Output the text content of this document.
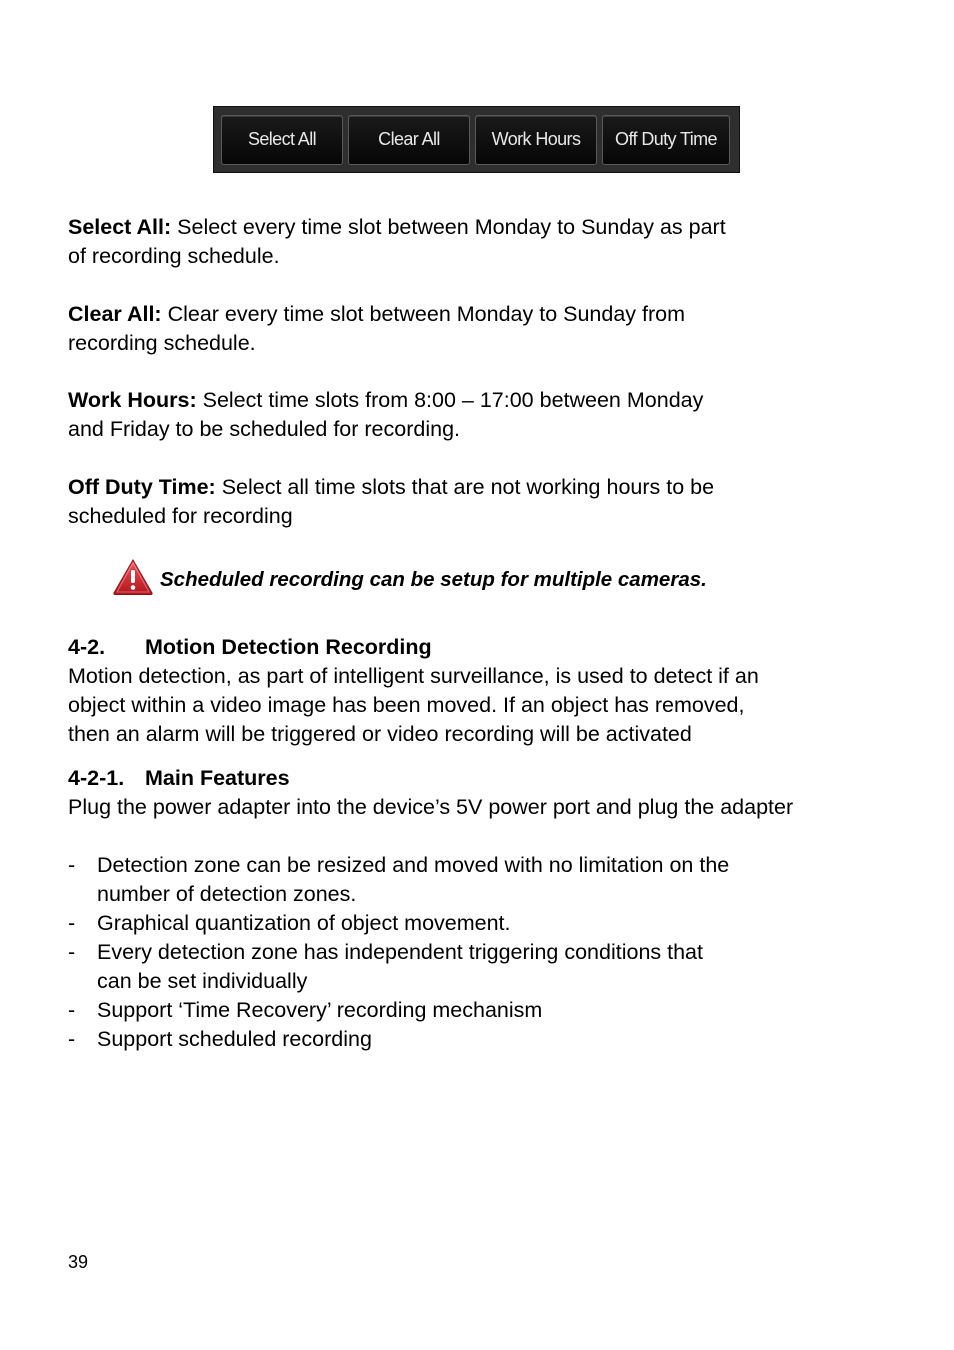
Select All	Clear All	Work Hours	Off Duty Time

Select All: Select every time slot between Monday to Sunday as part
of recording schedule.

Clear All: Clear every time slot between Monday to Sunday from
recording schedule.

Work Hours: Select time slots from 8:00 – 17:00 between Monday
and Friday to be scheduled for recording.

Off Duty Time: Select all time slots that are not working hours to be
scheduled for recording

Scheduled recording can be setup for multiple cameras.

4-2. Motion Detection Recording

Motion detection, as part of intelligent surveillance, is used to detect if an
object within a video image has been moved. If an object has removed,
then an alarm will be triggered or video recording will be activated

4-2-1. Main Features

Plug the power adapter into the device’s 5V power port and plug the adapter

-	Detection zone can be resized and moved with no limitation on the
number of detection zones.
-	Graphical quantization of object movement.
-	Every detection zone has independent triggering conditions that
can be set individually
-	Support ‘Time Recovery’ recording mechanism
-	Support scheduled recording
39
